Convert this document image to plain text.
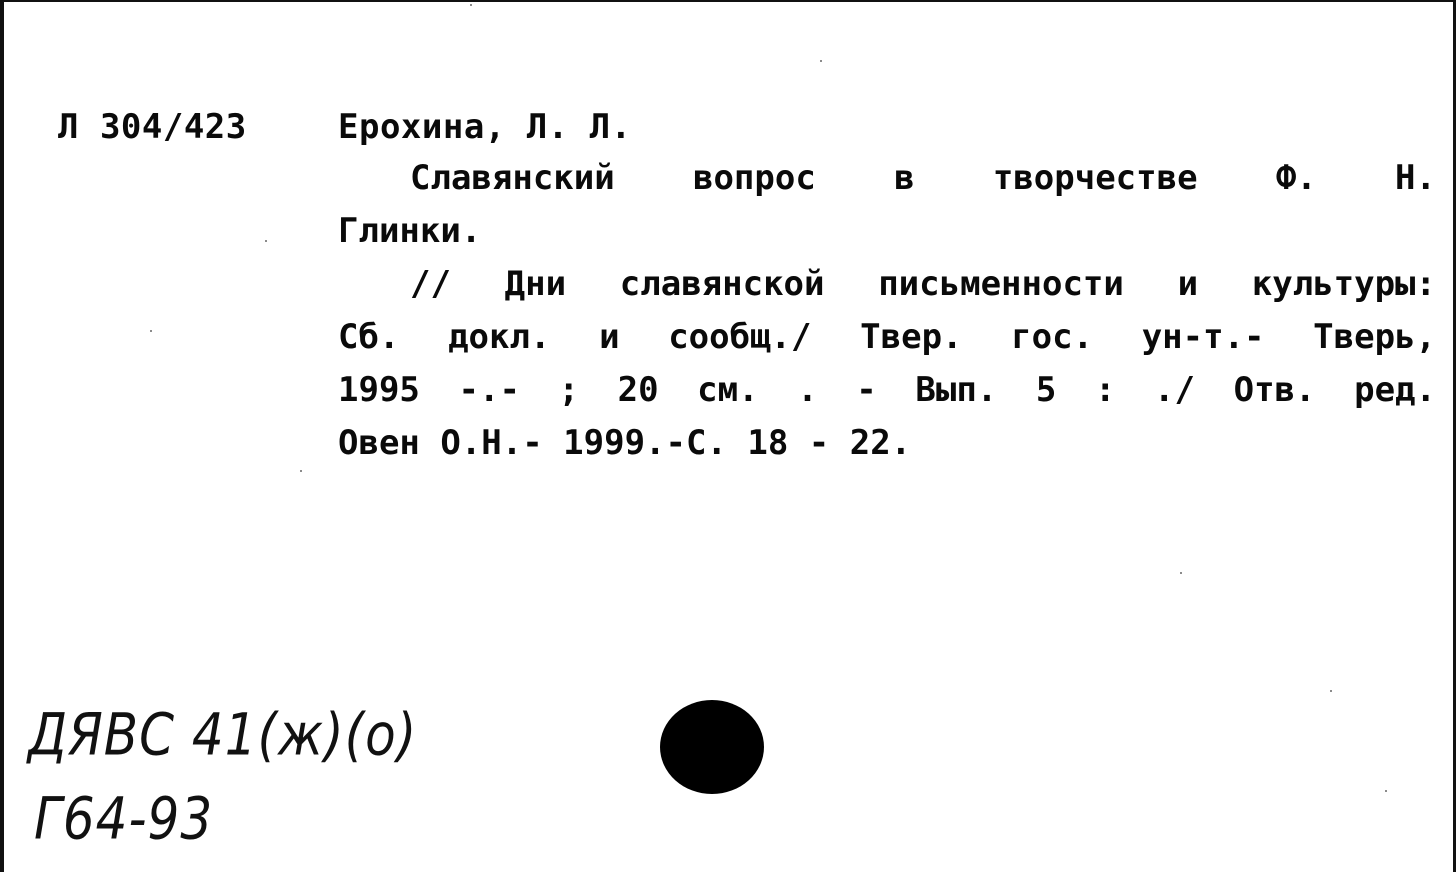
Л 304/423	Ерохина, Л. Л.
Славянский вопрос в творчестве Ф. Н.
Глинки.
// Дни славянской письменности и культуры:
Сб. докл. и сообщ./ Твер. гос. ун-т.- Тверь,
1995 -.- ; 20 см. . - Вып. 5 : ./ Отв. ред.
Овен О.Н.- 1999.-С. 18 - 22.
ДЯВС 41(ж)(о)
Г64-93
